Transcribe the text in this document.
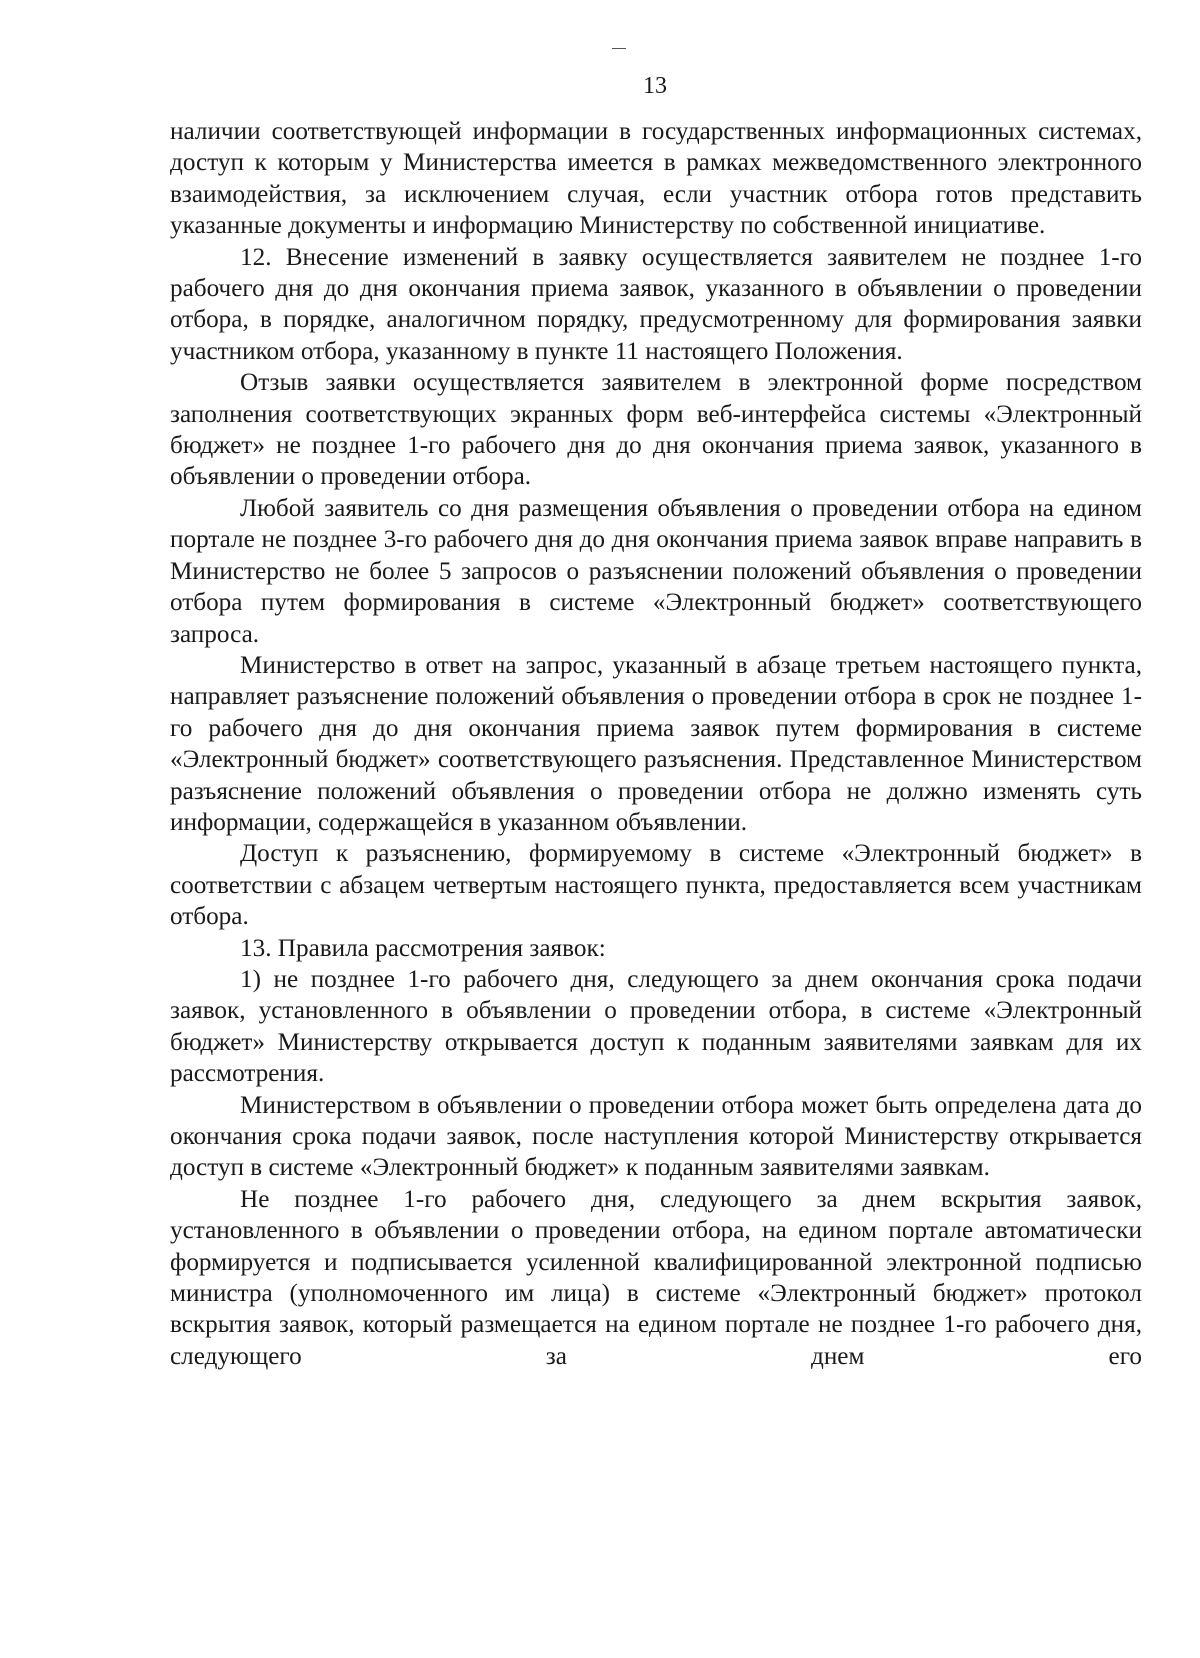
13

наличии соответствующей информации в государственных информационных системах, доступ к которым у Министерства имеется в рамках межведомственного электронного взаимодействия, за исключением случая, если участник отбора готов представить указанные документы и информацию Министерству по собственной инициативе.

12. Внесение изменений в заявку осуществляется заявителем не позднее 1-го рабочего дня до дня окончания приема заявок, указанного в объявлении о проведении отбора, в порядке, аналогичном порядку, предусмотренному для формирования заявки участником отбора, указанному в пункте 11 настоящего Положения.

Отзыв заявки осуществляется заявителем в электронной форме посредством заполнения соответствующих экранных форм веб-интерфейса системы «Электронный бюджет» не позднее 1-го рабочего дня до дня окончания приема заявок, указанного в объявлении о проведении отбора.

Любой заявитель со дня размещения объявления о проведении отбора на едином портале не позднее 3-го рабочего дня до дня окончания приема заявок вправе направить в Министерство не более 5 запросов о разъяснении положений объявления о проведении отбора путем формирования в системе «Электронный бюджет» соответствующего запроса.

Министерство в ответ на запрос, указанный в абзаце третьем настоящего пункта, направляет разъяснение положений объявления о проведении отбора в срок не позднее 1-го рабочего дня до дня окончания приема заявок путем формирования в системе «Электронный бюджет» соответствующего разъяснения. Представленное Министерством разъяснение положений объявления о проведении отбора не должно изменять суть информации, содержащейся в указанном объявлении.

Доступ к разъяснению, формируемому в системе «Электронный бюджет» в соответствии с абзацем четвертым настоящего пункта, предоставляется всем участникам отбора.

13. Правила рассмотрения заявок:

1) не позднее 1-го рабочего дня, следующего за днем окончания срока подачи заявок, установленного в объявлении о проведении отбора, в системе «Электронный бюджет» Министерству открывается доступ к поданным заявителями заявкам для их рассмотрения.

Министерством в объявлении о проведении отбора может быть определена дата до окончания срока подачи заявок, после наступления которой Министерству открывается доступ в системе «Электронный бюджет» к поданным заявителями заявкам.

Не позднее 1-го рабочего дня, следующего за днем вскрытия заявок, установленного в объявлении о проведении отбора, на едином портале автоматически формируется и подписывается усиленной квалифицированной электронной подписью министра (уполномоченного им лица) в системе «Электронный бюджет» протокол вскрытия заявок, который размещается на едином портале не позднее 1-го рабочего дня, следующего за днем его
